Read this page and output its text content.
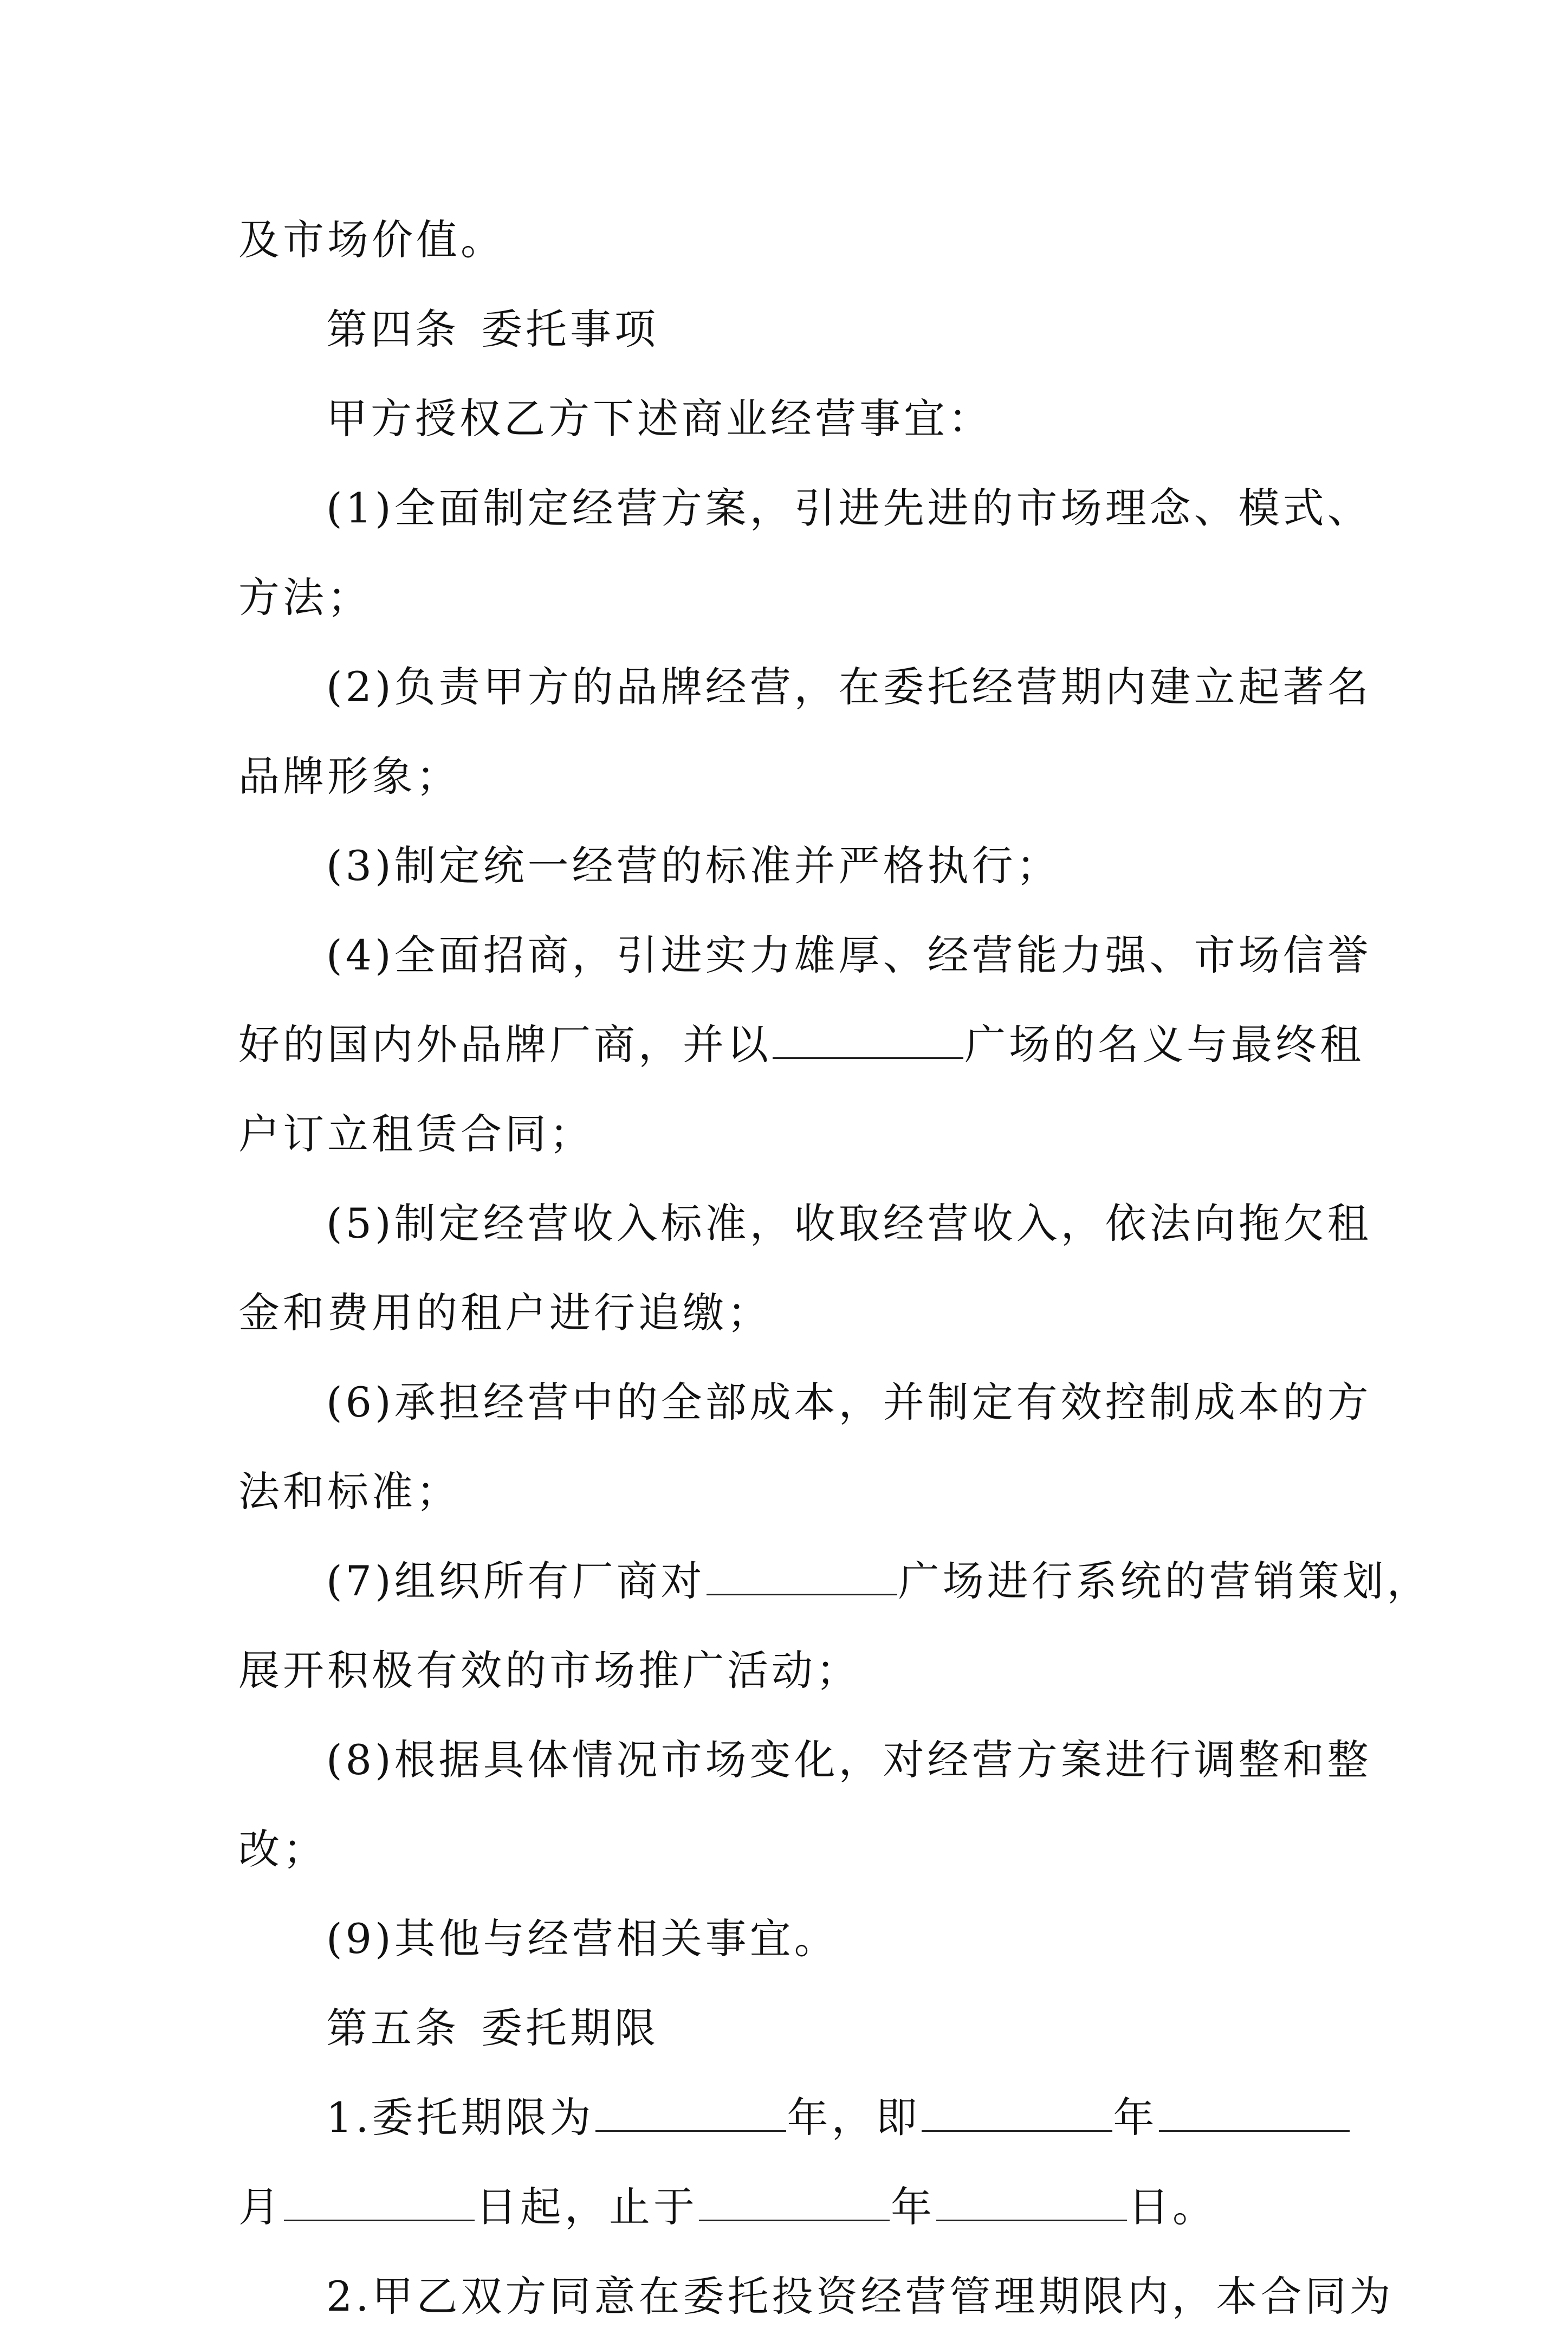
及市场价值。
第四条 委托事项
甲方授权乙方下述商业经营事宜：
(1)全面制定经营方案，引进先进的市场理念、模式、
方法；
(2)负责甲方的品牌经营，在委托经营期内建立起著名
品牌形象；
(3)制定统一经营的标准并严格执行；
(4)全面招商，引进实力雄厚、经营能力强、市场信誉
好的国内外品牌厂商，并以	广场的名义与最终租
户订立租赁合同；
(5)制定经营收入标准，收取经营收入，依法向拖欠租
金和费用的租户进行追缴；
(6)承担经营中的全部成本，并制定有效控制成本的方
法和标准；
(7)组织所有厂商对	广场进行系统的营销策划，
展开积极有效的市场推广活动；
(8)根据具体情况市场变化，对经营方案进行调整和整
改；
(9)其他与经营相关事宜。
第五条 委托期限
1.委托期限为	年，即	年
月	日起，止于	年	日。
2.甲乙双方同意在委托投资经营管理期限内，本合同为
